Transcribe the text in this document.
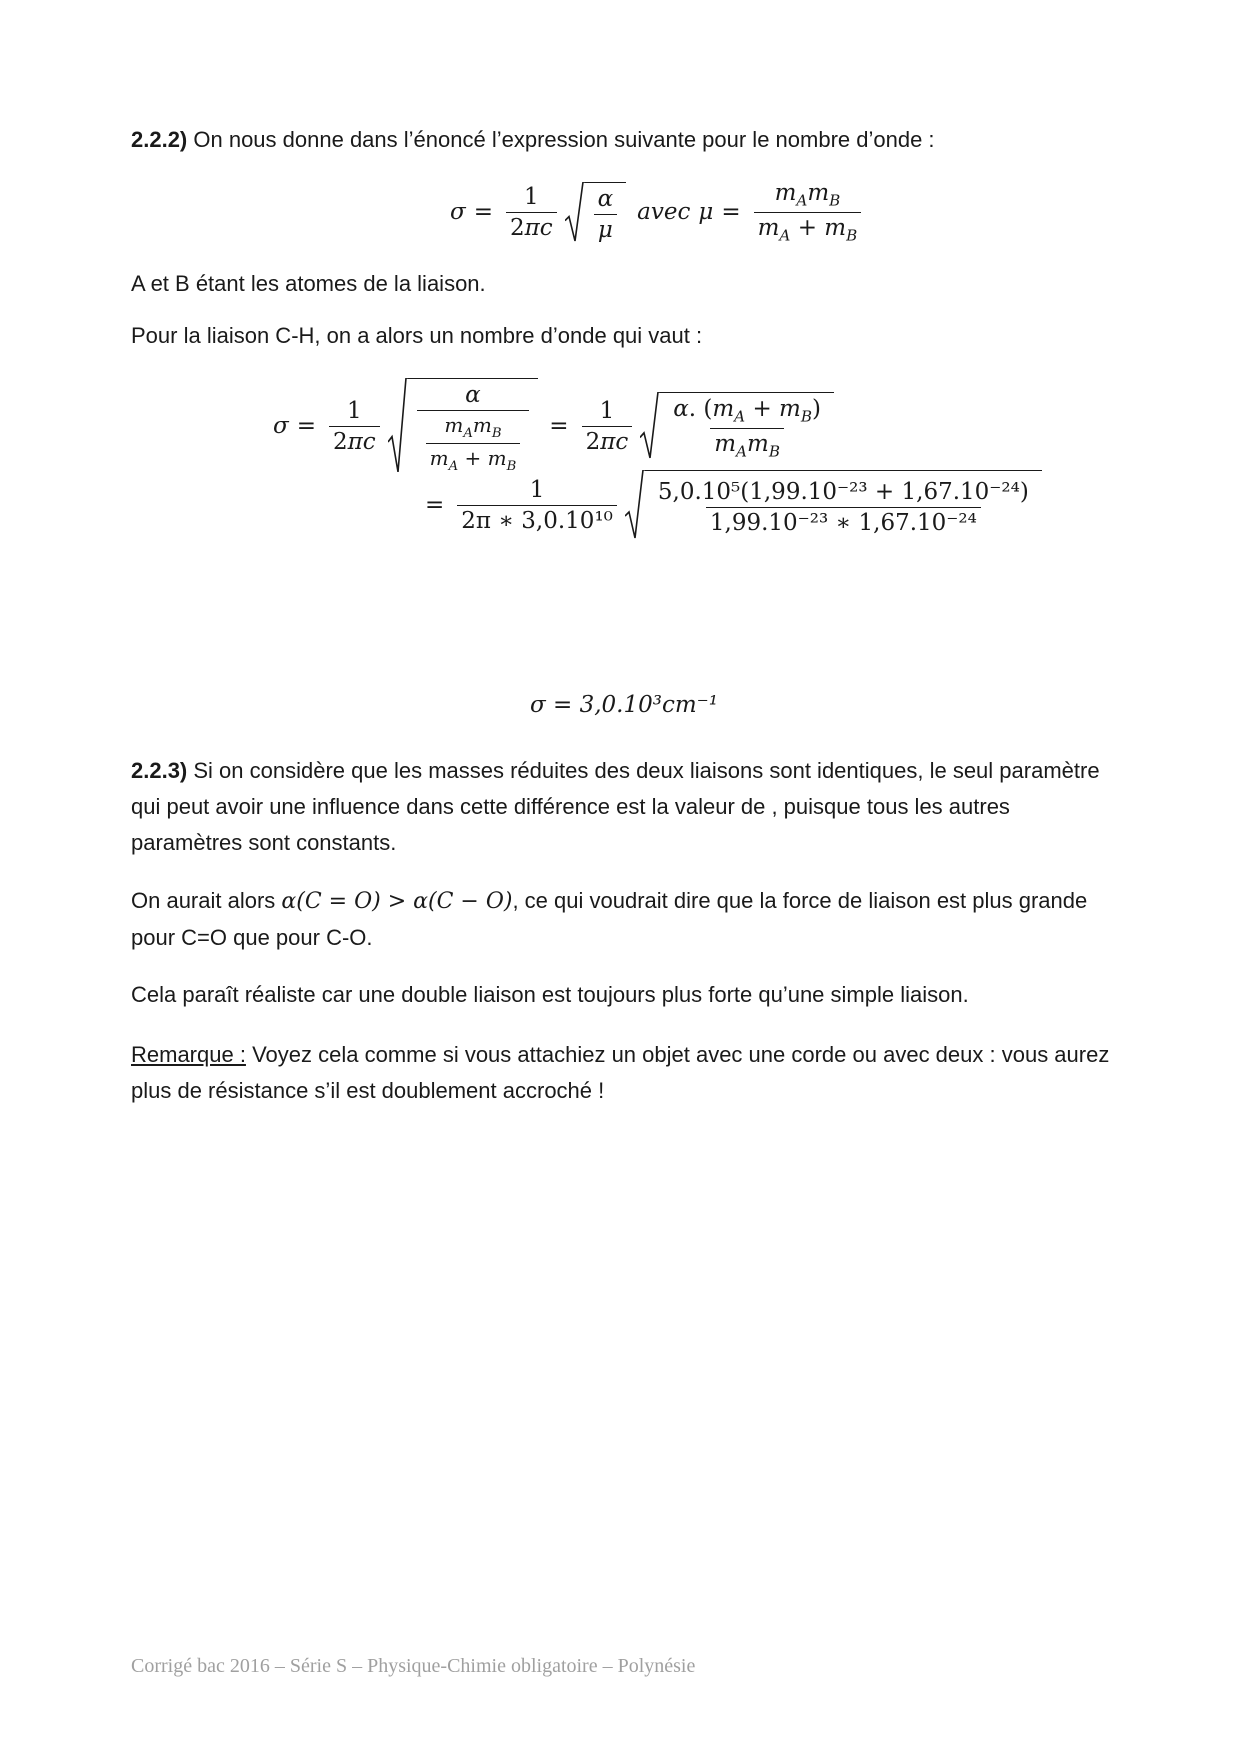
2.2.2) On nous donne dans l’énoncé l’expression suivante pour le nombre d’onde :

$\sigma = \frac{1}{2\pi c} \frac{\alpha}{\mu}$ avec $\mu = \frac{m_Am_B}{m_A + m_B}$

A et B étant les atomes de la liaison.

Pour la liaison C-H, on a alors un nombre d’onde qui vaut :

$\sigma = \frac{1}{2\pi c} \frac{\alpha}{\frac{m_Am_B}{m_A + m_B}} = \frac{1}{2\pi c} \frac{\alpha. (m_A + m_B)}{m_Am_B}$
= $\frac{1}{\text{2π ∗ 3,0.10¹⁰}} \frac{\text{5,0.10⁵(1,99.10⁻²³ + 1,67.10⁻²⁴)}}{\text{1,99.10⁻²³ ∗ 1,67.10⁻²⁴}}$
σ = 3,0.10³cm⁻¹

2.2.3) Si on considère que les masses réduites des deux liaisons sont identiques, le seul paramètre qui peut avoir une influence dans cette différence est la valeur de , puisque tous les autres paramètres sont constants.

On aurait alors α(C = O) > α(C − O), ce qui voudrait dire que la force de liaison est plus grande pour C=O que pour C-O.

Cela paraît réaliste car une double liaison est toujours plus forte qu’une simple liaison.

Remarque : Voyez cela comme si vous attachiez un objet avec une corde ou avec deux : vous aurez plus de résistance s’il est doublement accroché !

Corrigé bac 2016 – Série S – Physique-Chimie obligatoire – Polynésie
